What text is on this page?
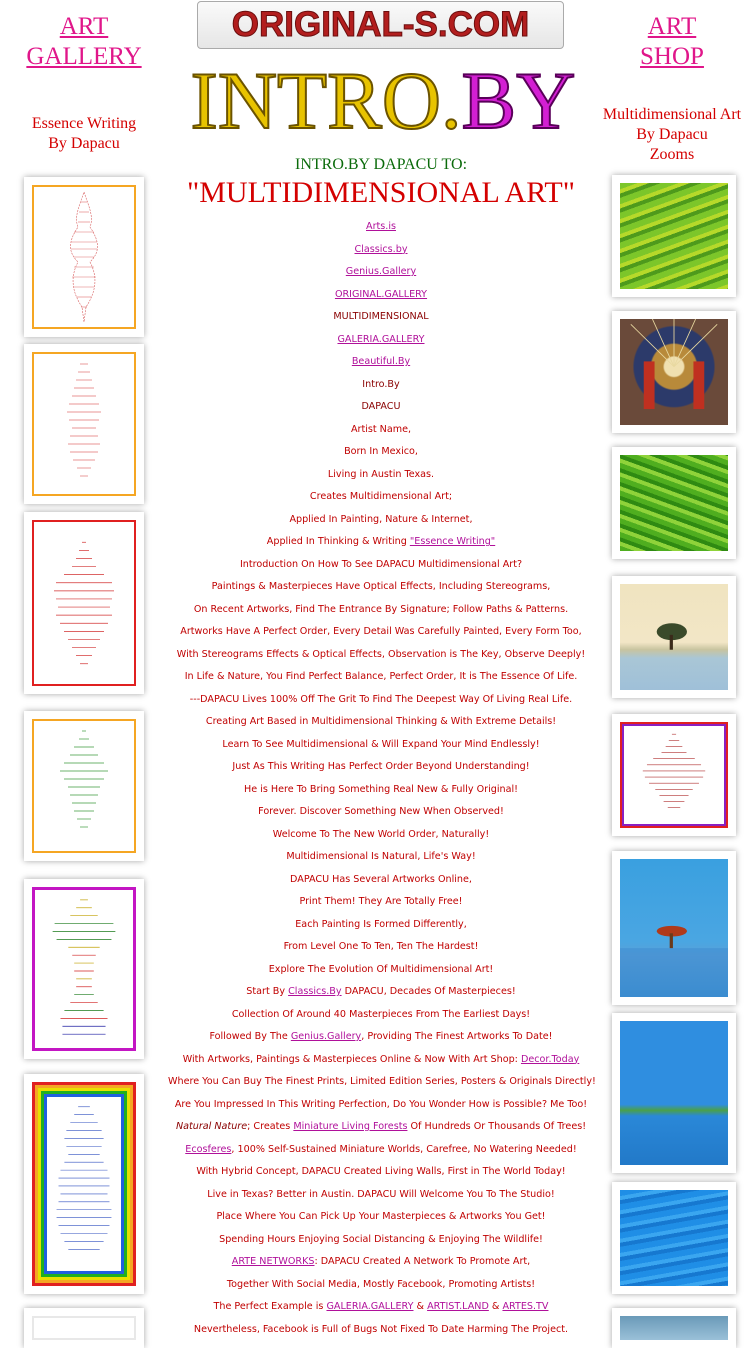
ART
GALLERY
Essence Writing
By Dapacu
ART
SHOP
Multidimensional Art
By Dapacu
Zooms
ORIGINAL-S.COM
INTRO.BY
INTRO.BY DAPACU TO:
"MULTIDIMENSIONAL ART"
Arts.is
Classics.by
Genius.Gallery
ORIGINAL.GALLERY
MULTIDIMENSIONAL
GALERIA.GALLERY
Beautiful.By
Intro.By
DAPACU
Artist Name,
Born In Mexico,
Living in Austin Texas.
Creates Multidimensional Art;
Applied In Painting, Nature & Internet,
Applied In Thinking & Writing "Essence Writing"
Introduction On How To See DAPACU Multidimensional Art?
Paintings & Masterpieces Have Optical Effects, Including Stereograms,
On Recent Artworks, Find The Entrance By Signature; Follow Paths & Patterns.
Artworks Have A Perfect Order, Every Detail Was Carefully Painted, Every Form Too,
With Stereograms Effects & Optical Effects, Observation is The Key, Observe Deeply!
In Life & Nature, You Find Perfect Balance, Perfect Order, It is The Essence Of Life.
---DAPACU Lives 100% Off The Grit To Find The Deepest Way Of Living Real Life.
Creating Art Based in Multidimensional Thinking & With Extreme Details!
Learn To See Multidimensional & Will Expand Your Mind Endlessly!
Just As This Writing Has Perfect Order Beyond Understanding!
He is Here To Bring Something Real New & Fully Original!
Forever. Discover Something New When Observed!
Welcome To The New World Order, Naturally!
Multidimensional Is Natural, Life's Way!
DAPACU Has Several Artworks Online,
Print Them! They Are Totally Free!
Each Painting Is Formed Differently,
From Level One To Ten, Ten The Hardest!
Explore The Evolution Of Multidimensional Art!
Start By Classics.By DAPACU, Decades Of Masterpieces!
Collection Of Around 40 Masterpieces From The Earliest Days!
Followed By The Genius.Gallery, Providing The Finest Artworks To Date!
With Artworks, Paintings & Masterpieces Online & Now With Art Shop: Decor.Today
Where You Can Buy The Finest Prints, Limited Edition Series, Posters & Originals Directly!
Are You Impressed In This Writing Perfection, Do You Wonder How is Possible? Me Too!
Natural Nature; Creates Miniature Living Forests Of Hundreds Or Thousands Of Trees!
Ecosferes, 100% Self-Sustained Miniature Worlds, Carefree, No Watering Needed!
With Hybrid Concept, DAPACU Created Living Walls, First in The World Today!
Live in Texas? Better in Austin. DAPACU Will Welcome You To The Studio!
Place Where You Can Pick Up Your Masterpieces & Artworks You Get!
Spending Hours Enjoying Social Distancing & Enjoying The Wildlife!
ARTE NETWORKS: DAPACU Created A Network To Promote Art,
Together With Social Media, Mostly Facebook, Promoting Artists!
The Perfect Example is GALERIA.GALLERY & ARTIST.LAND & ARTES.TV
Nevertheless, Facebook is Full of Bugs Not Fixed To Date Harming The Project.
